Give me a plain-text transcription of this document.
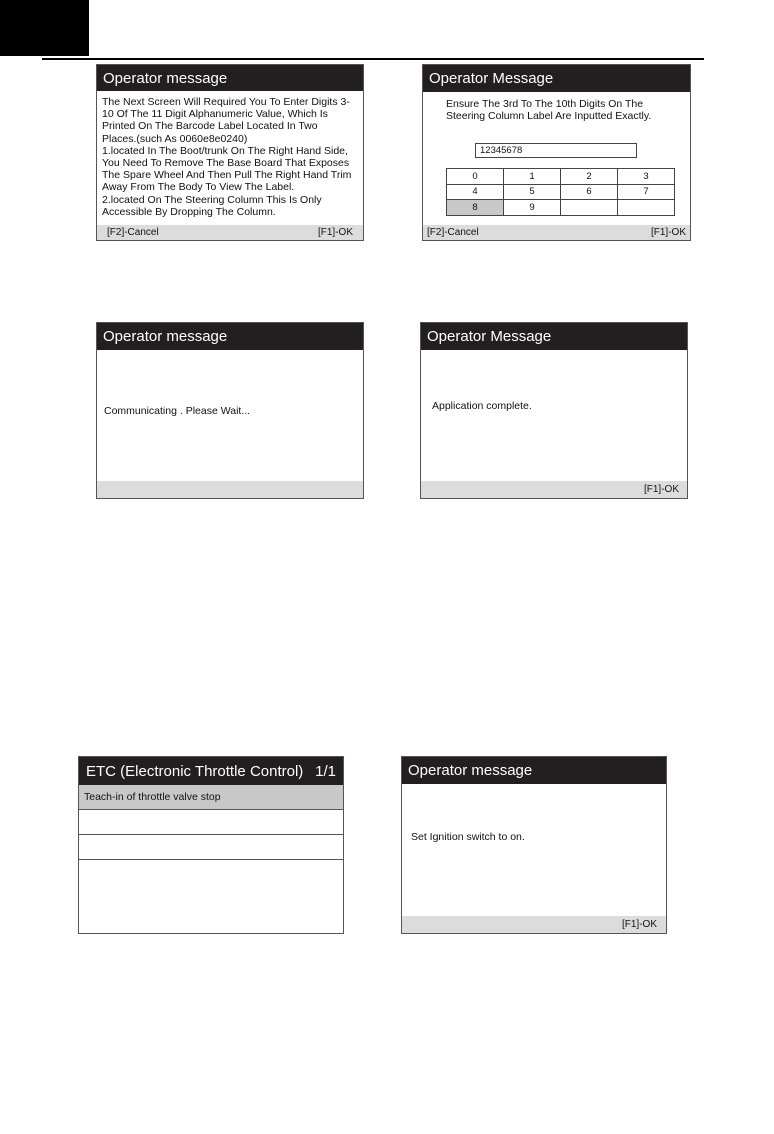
Operator message
The Next Screen Will Required You To Enter Digits 3-
10 Of The 11 Digit Alphanumeric Value, Which Is
Printed On The Barcode Label Located In Two
Places.(such As 0060e8e0240)
1.located In The Boot/trunk On The Right Hand Side,
You Need To Remove The Base Board That Exposes
The Spare Wheel And Then Pull The Right Hand Trim
Away From The Body To View The Label.
2.located On The Steering Column This Is Only
Accessible By Dropping The Column.
[F2]-Cancel	[F1]-OK
Operator Message
Ensure The 3rd To The 10th Digits On The
Steering Column Label Are Inputted Exactly.
12345678
0	1	2	3
4	5	6	7
8	9		
[F2]-Cancel	[F1]-OK
Operator message
Communicating . Please Wait...
Operator Message
Application complete.
[F1]-OK
ETC (Electronic Throttle Control) 1/1
Teach-in of throttle valve stop
Operator message
Set Ignition switch to on.
[F1]-OK
